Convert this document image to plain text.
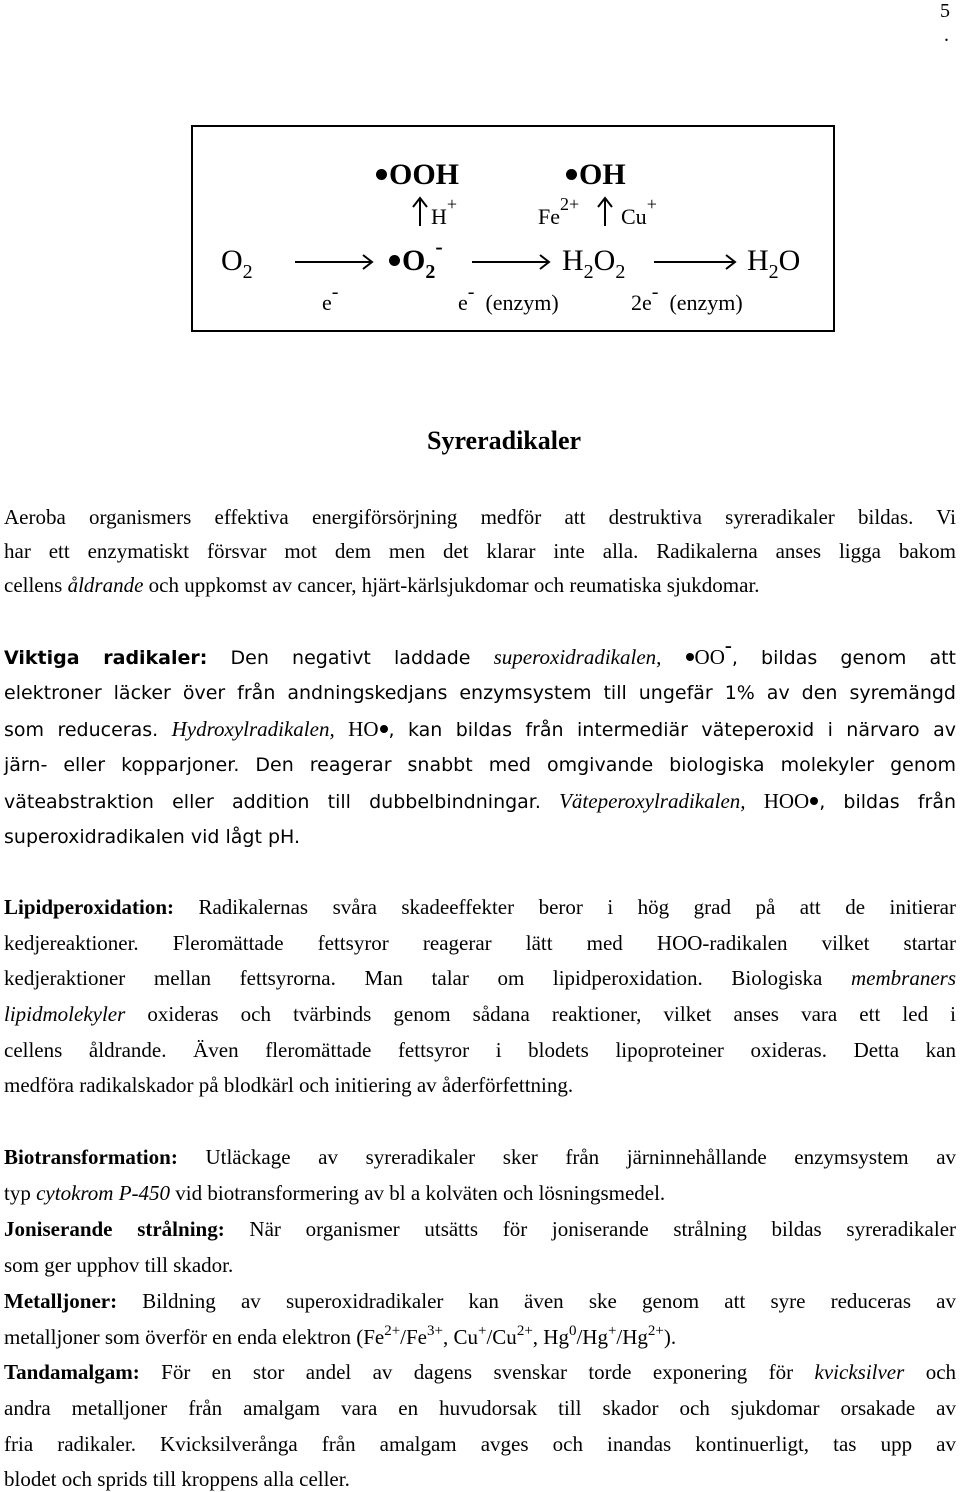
5
.
OOH	OH
H+	$Fe^{2+}$ Cu+
$O_2$	$O_2^-$	$H_2O_2$	$H_2O$
e-	e- (enzym)	2e- (enzym)
Syreradikaler
Aeroba organismers effektiva energiförsörjning medför att destruktiva syreradikaler bildas. Vi
har ett enzymatiskt försvar mot dem men det klarar inte alla. Radikalerna anses ligga bakom
cellens åldrande och uppkomst av cancer, hjärt-kärlsjukdomar och reumatiska sjukdomar.
Viktiga radikaler: Den negativt laddade superoxidradikalen, OO-, bildas genom att
elektroner läcker över från andningskedjans enzymsystem till ungefär 1% av den syremängd
som reduceras. Hydroxylradikalen, HO , kan bildas från intermediär väteperoxid i närvaro av
järn- eller kopparjoner. Den reagerar snabbt med omgivande biologiska molekyler genom
väteabstraktion eller addition till dubbelbindningar. Väteperoxylradikalen, HOO , bildas från
superoxidradikalen vid lågt pH.
Lipidperoxidation: Radikalernas svåra skadeeffekter beror i hög grad på att de initierar
kedjereaktioner. Fleromättade fettsyror reagerar lätt med HOO-radikalen vilket startar
kedjeraktioner mellan fettsyrorna. Man talar om lipidperoxidation. Biologiska membraners
lipidmolekyler oxideras och tvärbinds genom sådana reaktioner, vilket anses vara ett led i
cellens åldrande. Även fleromättade fettsyror i blodets lipoproteiner oxideras. Detta kan
medföra radikalskador på blodkärl och initiering av åderförfettning.
Biotransformation: Utläckage av syreradikaler sker från järninnehållande enzymsystem av
typ cytokrom P-450 vid biotransformering av bl a kolväten och lösningsmedel.
Joniserande strålning: När organismer utsätts för joniserande strålning bildas syreradikaler
som ger upphov till skador.
Metalljoner: Bildning av superoxidradikaler kan även ske genom att syre reduceras av
metalljoner som överför en enda elektron ($Fe^{2+}/Fe^{3+}$, $Cu^+/Cu^{2+}$, $Hg^0/Hg^+/Hg^{2+}$).
Tandamalgam: För en stor andel av dagens svenskar torde exponering för kvicksilver och
andra metalljoner från amalgam vara en huvudorsak till skador och sjukdomar orsakade av
fria radikaler. Kvicksilverånga från amalgam avges och inandas kontinuerligt, tas upp av
blodet och sprids till kroppens alla celler.
